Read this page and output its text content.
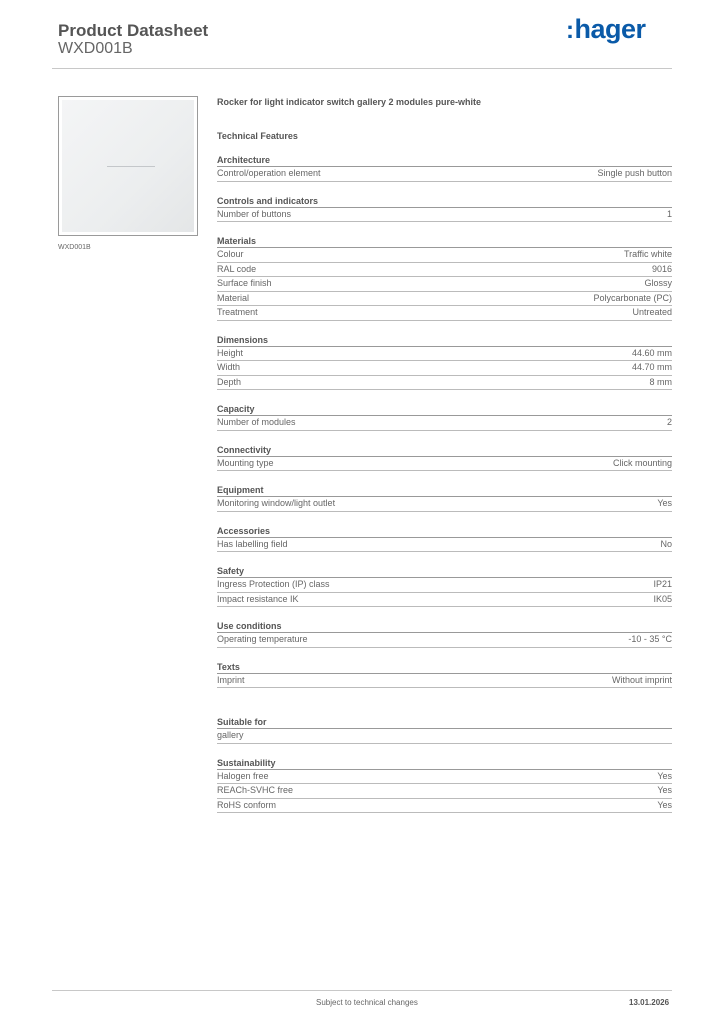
Product Datasheet
WXD001B
:hager
WXD001B
Rocker for light indicator switch gallery 2 modules pure-white
Technical Features
Architecture
Control/operation element	Single push button
Controls and indicators
Number of buttons	1
Materials
Colour	Traffic white
RAL code	9016
Surface finish	Glossy
Material	Polycarbonate (PC)
Treatment	Untreated
Dimensions
Height	44.60 mm
Width	44.70 mm
Depth	8 mm
Capacity
Number of modules	2
Connectivity
Mounting type	Click mounting
Equipment
Monitoring window/light outlet	Yes
Accessories
Has labelling field	No
Safety
Ingress Protection (IP) class	IP21
Impact resistance IK	IK05
Use conditions
Operating temperature	-10 - 35 °C
Texts
Imprint	Without imprint
Suitable for
gallery
Sustainability
Halogen free	Yes
REACh-SVHC free	Yes
RoHS conform	Yes
Subject to technical changes	13.01.2026
